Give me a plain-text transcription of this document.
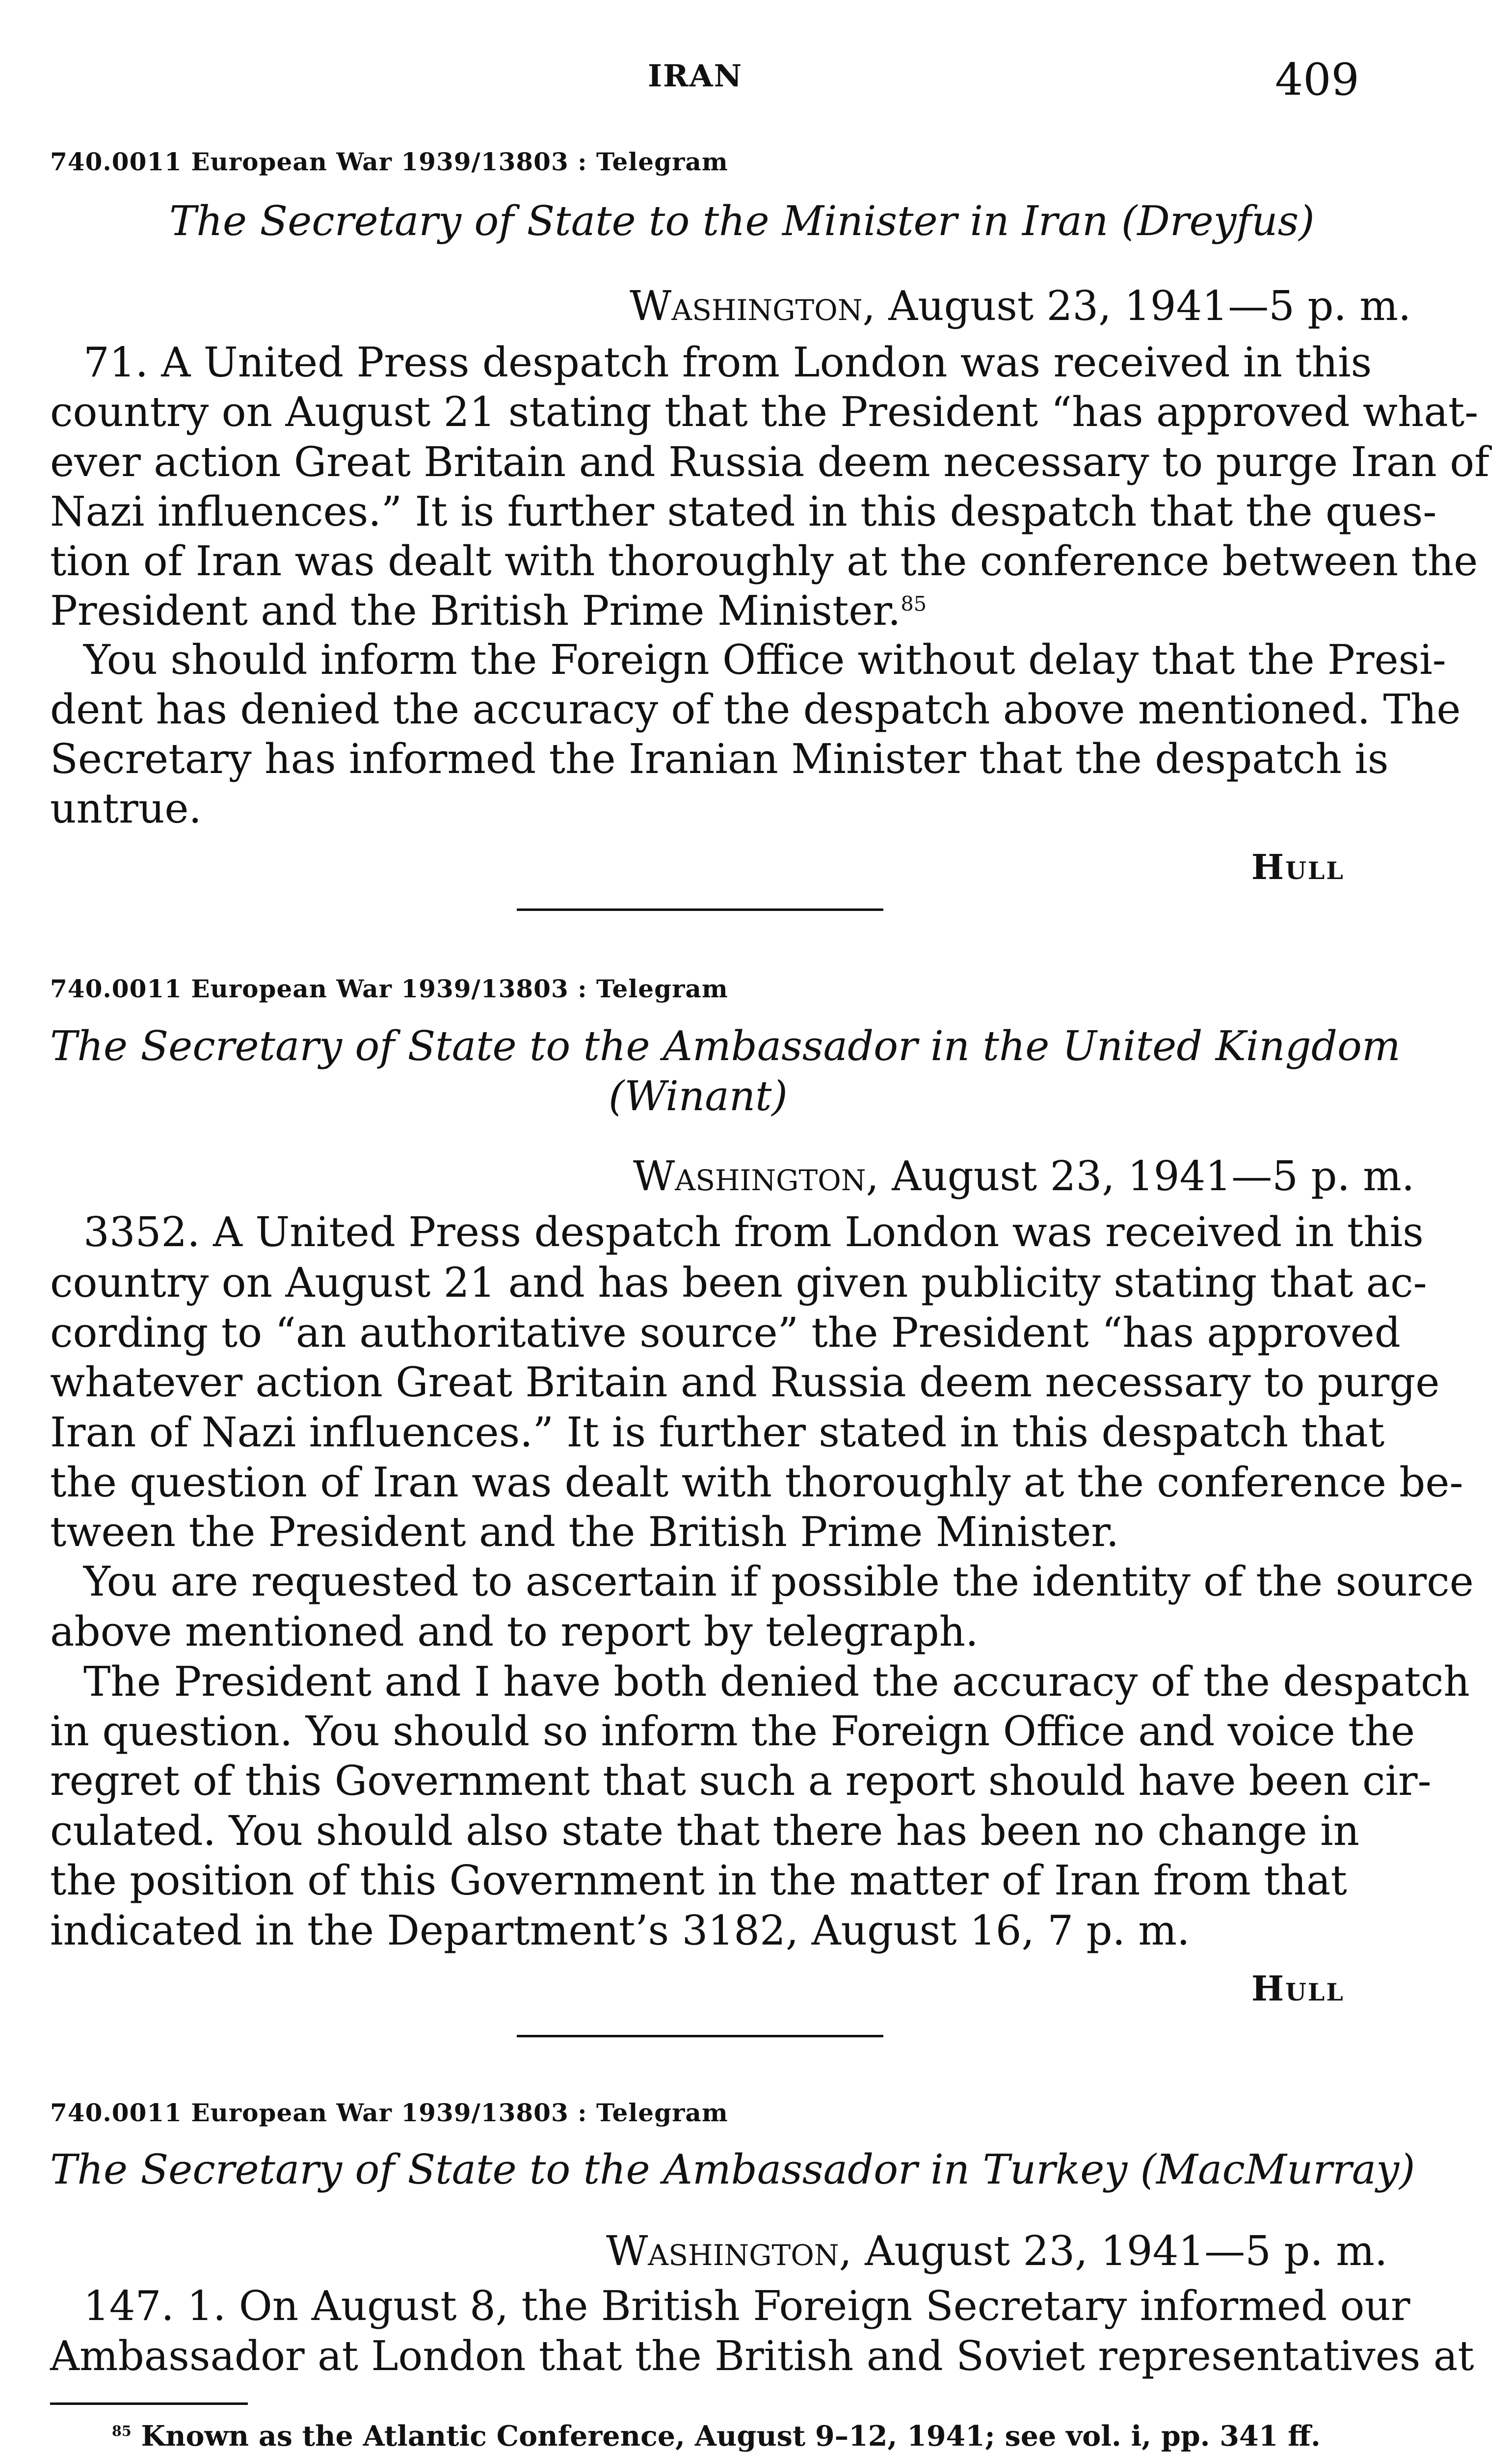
IRAN	409
740.0011 European War 1939/13803 : Telegram
The Secretary of State to the Minister in Iran (Dreyfus)
Washington, August 23, 1941—5 p. m.
71. A United Press despatch from London was received in this
country on August 21 stating that the President “has approved what-
ever action Great Britain and Russia deem necessary to purge Iran of
Nazi influences.” It is further stated in this despatch that the ques-
tion of Iran was dealt with thoroughly at the conference between the
President and the British Prime Minister.$^{85}$
You should inform the Foreign Office without delay that the Presi-
dent has denied the accuracy of the despatch above mentioned. The
Secretary has informed the Iranian Minister that the despatch is
untrue.
Hull
740.0011 European War 1939/13803 : Telegram
The Secretary of State to the Ambassador in the United Kingdom
(Winant)
Washington, August 23, 1941—5 p. m.
3352. A United Press despatch from London was received in this
country on August 21 and has been given publicity stating that ac-
cording to “an authoritative source” the President “has approved
whatever action Great Britain and Russia deem necessary to purge
Iran of Nazi influences.” It is further stated in this despatch that
the question of Iran was dealt with thoroughly at the conference be-
tween the President and the British Prime Minister.
You are requested to ascertain if possible the identity of the source
above mentioned and to report by telegraph.
The President and I have both denied the accuracy of the despatch
in question. You should so inform the Foreign Office and voice the
regret of this Government that such a report should have been cir-
culated. You should also state that there has been no change in
the position of this Government in the matter of Iran from that
indicated in the Department’s 3182, August 16, 7 p. m.
Hull
740.0011 European War 1939/13803 : Telegram
The Secretary of State to the Ambassador in Turkey (MacMurray)
Washington, August 23, 1941—5 p. m.
147. 1. On August 8, the British Foreign Secretary informed our
Ambassador at London that the British and Soviet representatives at
$^{85}$ Known as the Atlantic Conference, August 9–12, 1941; see vol. i, pp. 341 ff.
